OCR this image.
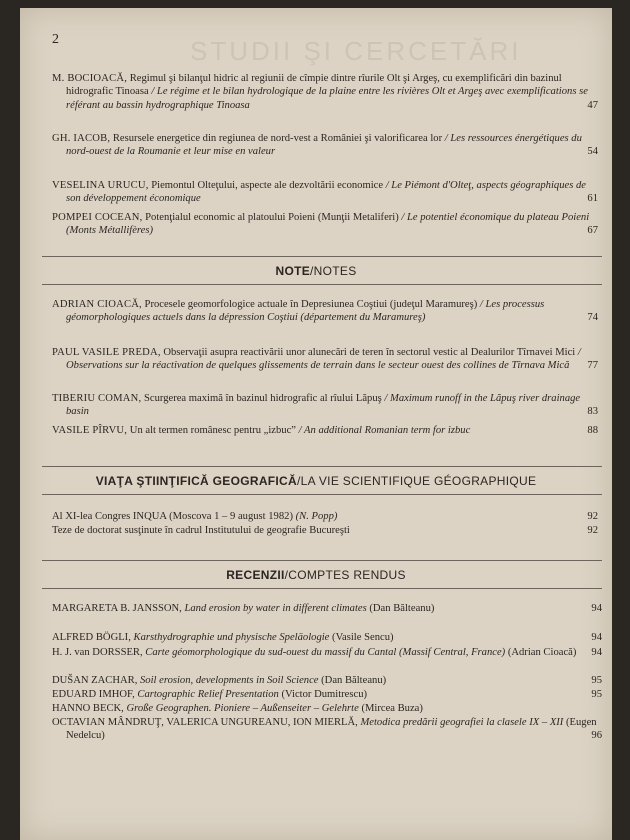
2	STUDII ŞI CERCETĂRI
M. BOCIOACĂ, Regimul şi bilanţul hidric al regiunii de cîmpie dintre rîurile Olt şi Argeş, cu exemplificări din bazinul hidrografic Tinoasa / Le régime et le bilan hydrologique de la plaine entre les rivières Olt et Argeş avec exemplifications se référant au bassin hydrographique Tinoasa	47
GH. IACOB, Resursele energetice din regiunea de nord-vest a României şi valorificarea lor / Les ressources énergétiques du nord-ouest de la Roumanie et leur mise en valeur	54
VESELINA URUCU, Piemontul Olteţului, aspecte ale dezvoltării economice / Le Piémont d'Olteţ, aspects géographiques de son développement économique	61
POMPEI COCEAN, Potenţialul economic al platoului Poieni (Munţii Metaliferi) / Le potentiel économique du plateau Poieni (Monts Métallifères)	67
NOTE/NOTES
ADRIAN CIOACĂ, Procesele geomorfologice actuale în Depresiunea Coştiui (judeţul Maramureş) / Les processus géomorphologiques actuels dans la dépression Coştiui (département du Maramureş)	74
PAUL VASILE PREDA, Observaţii asupra reactivării unor alunecări de teren în sectorul vestic al Dealurilor Tîrnavei Mici / Observations sur la réactivation de quelques glissements de terrain dans le secteur ouest des collines de Tîrnava Mică 77
TIBERIU COMAN, Scurgerea maximă în bazinul hidrografic al rîului Lăpuş / Maximum runoff in the Lăpuş river drainage basin	83
VASILE PÎRVU, Un alt termen românesc pentru „izbuc” / An additional Romanian term for izbuc	88
VIAŢA ŞTIINŢIFICĂ GEOGRAFICĂ/LA VIE SCIENTIFIQUE GÉOGRAPHIQUE
Al XI-lea Congres INQUA (Moscova 1 – 9 august 1982) (N. Popp)	92
Teze de doctorat susţinute în cadrul Institutului de geografie Bucureşti	92
RECENZII/COMPTES RENDUS
MARGARETA B. JANSSON, Land erosion by water in different climates (Dan Bălteanu)	94
ALFRED BÖGLI, Karsthydrographie und physische Speläologie (Vasile Sencu)	94
H. J. van DORSSER, Carte géomorphologique du sud-ouest du massif du Cantal (Massif Central, France) (Adrian Cioacă) 94
DUŠAN ZACHAR, Soil erosion, developments in Soil Science (Dan Bălteanu)	95
EDUARD IMHOF, Cartographic Relief Presentation (Victor Dumitrescu)	95
HANNO BECK, Große Geographen. Pioniere – Außenseiter – Gelehrte (Mircea Buza)
OCTAVIAN MÂNDRUŢ, VALERICA UNGUREANU, ION MIERLĂ, Metodica predării geografiei la clasele IX – XII (Eugen Nedelcu)	96
